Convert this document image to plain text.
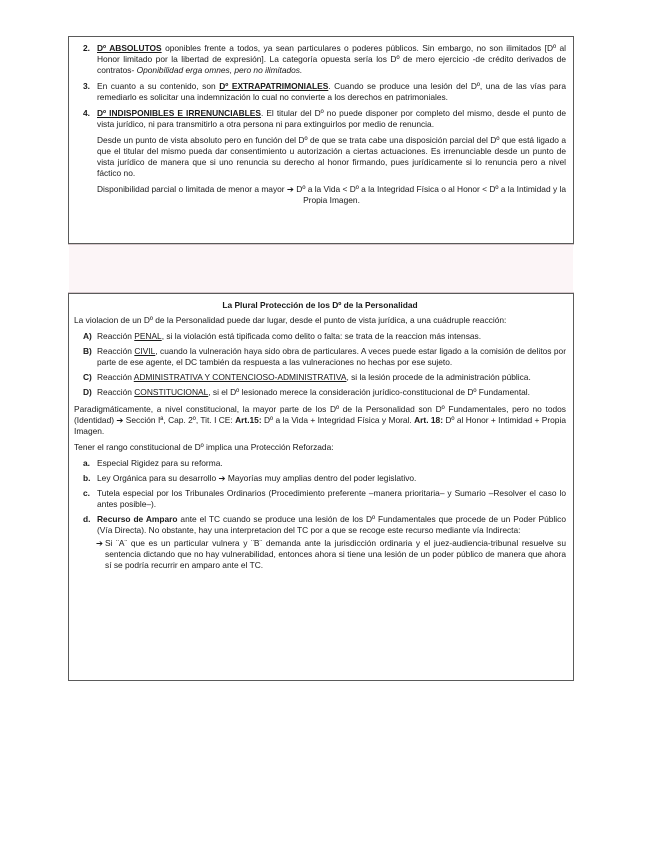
2. Dº ABSOLUTOS oponibles frente a todos, ya sean particulares o poderes públicos. Sin embargo, no son ilimitados [Dº al Honor limitado por la libertad de expresión]. La categoría opuesta sería los Dº de mero ejercicio -de crédito derivados de contratos- Oponibilidad erga omnes, pero no ilimitados.

3. En cuanto a su contenido, son Dº EXTRAPATRIMONIALES. Cuando se produce una lesión del Dº, una de las vías para remediarlo es solicitar una indemnización lo cual no convierte a los derechos en patrimoniales.

4. Dº INDISPONIBLES E IRRENUNCIABLES. El titular del Dº no puede disponer por completo del mismo, desde el punto de vista jurídico, ni para transmitirlo a otra persona ni para extinguirlos por medio de renuncia.

Desde un punto de vista absoluto pero en función del Dº de que se trata cabe una disposición parcial del Dº que está ligado a que el titular del mismo pueda dar consentimiento u autorización a ciertas actuaciones. Es irrenunciable desde un punto de vista jurídico de manera que si uno renuncia su derecho al honor firmando, pues jurídicamente si lo renuncia pero a nivel fáctico no.

Disponibilidad parcial o limitada de menor a mayor ➔ Dº a la Vida < Dº a la Integridad Física o al Honor < Dº a la Intimidad y la Propia Imagen.

La Plural Protección de los Dº de la Personalidad

La violacion de un Dº de la Personalidad puede dar lugar, desde el punto de vista jurídica, a una cuádruple reacción:

A) Reacción PENAL, si la violación está tipificada como delito o falta: se trata de la reaccion más intensas.

B) Reacción CIVIL, cuando la vulneración haya sido obra de particulares. A veces puede estar ligado a la comisión de delitos por parte de ese agente, el DC también da respuesta a las vulneraciones no hechas por ese sujeto.

C) Reacción ADMINISTRATIVA Y CONTENCIOSO-ADMINISTRATIVA, si la lesión procede de la administración pública.

D) Reacción CONSTITUCIONAL, si el Dº lesionado merece la consideración jurídico-constitucional de Dº Fundamental.

Paradigmáticamente, a nivel constitucional, la mayor parte de los Dº de la Personalidad son Dº Fundamentales, pero no todos (Identidad) ➔ Sección Iª, Cap. 2º, Tit. I CE: Art.15: Dº a la Vida + Integridad Física y Moral. Art. 18: Dº al Honor + Intimidad + Propia Imagen.

Tener el rango constitucional de Dº implica una Protección Reforzada:

a. Especial Rigidez para su reforma.

b. Ley Orgánica para su desarrollo ➔ Mayorías muy amplias dentro del poder legislativo.

c. Tutela especial por los Tribunales Ordinarios (Procedimiento preferente –manera prioritaria– y Sumario –Resolver el caso lo antes posible–).

d. Recurso de Amparo ante el TC cuando se produce una lesión de los Dº Fundamentales que procede de un Poder Público (Vía Directa). No obstante, hay una interpretacion del TC por a que se recoge este recurso mediante vía Indirecta:

➔ Si ¨A¨ que es un particular vulnera y ¨B¨ demanda ante la jurisdicción ordinaria y el juez-audiencia-tribunal resuelve su sentencia dictando que no hay vulnerabilidad, entonces ahora si tiene una lesión de un poder público de manera que ahora sí se podría recurrir en amparo ante el TC.
